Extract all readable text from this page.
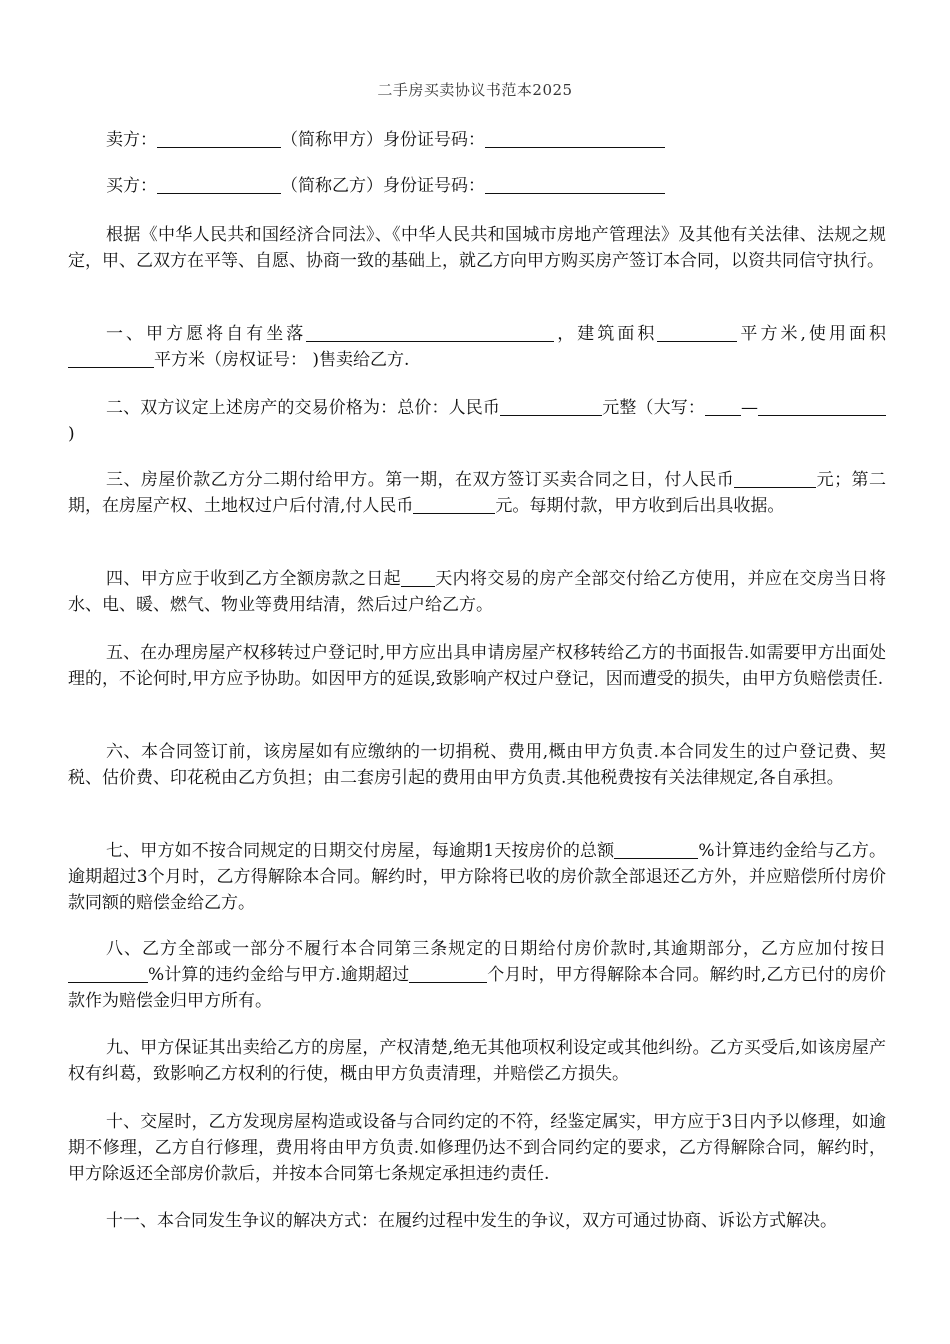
二手房买卖协议书范本2025

卖方：	（简称甲方）身份证号码：

买方：	（简称乙方）身份证号码：

根据《中华人民共和国经济合同法》、《中华人民共和国城市房地产管理法》及其他有关法律、法规之规定，甲、乙双方在平等、自愿、协商一致的基础上，就乙方向甲方购买房产签订本合同，以资共同信守执行。

一、甲方愿将自有坐落	，建筑面积	平方米,使用面积平方米（房权证号： )售卖给乙方.

二、双方议定上述房产的交易价格为：总价：人民币	元整（大写： —)

三、房屋价款乙方分二期付给甲方。第一期，在双方签订买卖合同之日，付人民币	元；第二期，在房屋产权、土地权过户后付清,付人民币	元。每期付款，甲方收到后出具收据。

四、甲方应于收到乙方全额房款之日起 天内将交易的房产全部交付给乙方使用，并应在交房当日将水、电、暖、燃气、物业等费用结清，然后过户给乙方。

五、在办理房屋产权移转过户登记时,甲方应出具申请房屋产权移转给乙方的书面报告.如需要甲方出面处理的，不论何时,甲方应予协助。如因甲方的延误,致影响产权过户登记，因而遭受的损失，由甲方负赔偿责任.

六、本合同签订前，该房屋如有应缴纳的一切捐税、费用,概由甲方负责.本合同发生的过户登记费、契税、估价费、印花税由乙方负担；由二套房引起的费用由甲方负责.其他税费按有关法律规定,各自承担。

七、甲方如不按合同规定的日期交付房屋，每逾期1天按房价的总额	%计算违约金给与乙方。逾期超过3个月时，乙方得解除本合同。解约时，甲方除将已收的房价款全部退还乙方外，并应赔偿所付房价款同额的赔偿金给乙方。

八、乙方全部或一部分不履行本合同第三条规定的日期给付房价款时,其逾期部分，乙方应加付按日%计算的违约金给与甲方.逾期超过	个月时，甲方得解除本合同。解约时,乙方已付的房价款作为赔偿金归甲方所有。

九、甲方保证其出卖给乙方的房屋，产权清楚,绝无其他项权利设定或其他纠纷。乙方买受后,如该房屋产权有纠葛，致影响乙方权利的行使，概由甲方负责清理，并赔偿乙方损失。

十、交屋时，乙方发现房屋构造或设备与合同约定的不符，经鉴定属实，甲方应于3日内予以修理，如逾期不修理，乙方自行修理，费用将由甲方负责.如修理仍达不到合同约定的要求，乙方得解除合同，解约时，甲方除返还全部房价款后，并按本合同第七条规定承担违约责任.

十一、本合同发生争议的解决方式：在履约过程中发生的争议，双方可通过协商、诉讼方式解决。
